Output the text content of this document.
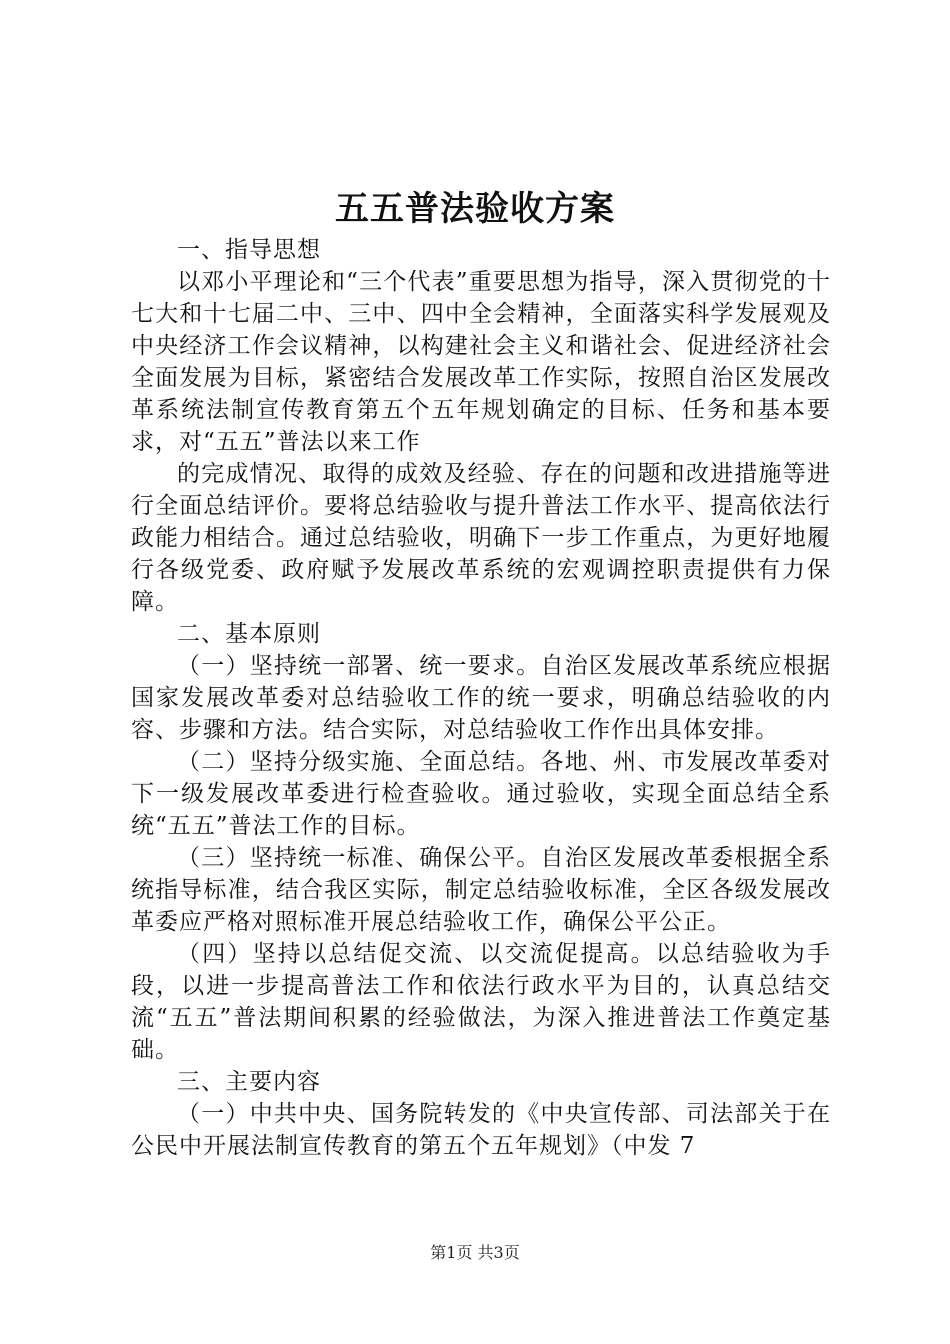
五五普法验收方案

一、指导思想

以邓小平理论和“三个代表”重要思想为指导，深入贯彻党的十七大和十七届二中、三中、四中全会精神，全面落实科学发展观及中央经济工作会议精神，以构建社会主义和谐社会、促进经济社会全面发展为目标，紧密结合发展改革工作实际，按照自治区发展改革系统法制宣传教育第五个五年规划确定的目标、任务和基本要求，对“五五”普法以来工作

的完成情况、取得的成效及经验、存在的问题和改进措施等进行全面总结评价。要将总结验收与提升普法工作水平、提高依法行政能力相结合。通过总结验收，明确下一步工作重点，为更好地履行各级党委、政府赋予发展改革系统的宏观调控职责提供有力保障。

二、基本原则

（一）坚持统一部署、统一要求。自治区发展改革系统应根据国家发展改革委对总结验收工作的统一要求，明确总结验收的内容、步骤和方法。结合实际，对总结验收工作作出具体安排。

（二）坚持分级实施、全面总结。各地、州、市发展改革委对下一级发展改革委进行检查验收。通过验收，实现全面总结全系统“五五”普法工作的目标。

（三）坚持统一标准、确保公平。自治区发展改革委根据全系统指导标准，结合我区实际，制定总结验收标准，全区各级发展改革委应严格对照标准开展总结验收工作，确保公平公正。

（四）坚持以总结促交流、以交流促提高。以总结验收为手段，以进一步提高普法工作和依法行政水平为目的，认真总结交流“五五”普法期间积累的经验做法，为深入推进普法工作奠定基础。

三、主要内容

（一）中共中央、国务院转发的《中央宣传部、司法部关于在公民中开展法制宣传教育的第五个五年规划》（中发 7

第1页 共3页
